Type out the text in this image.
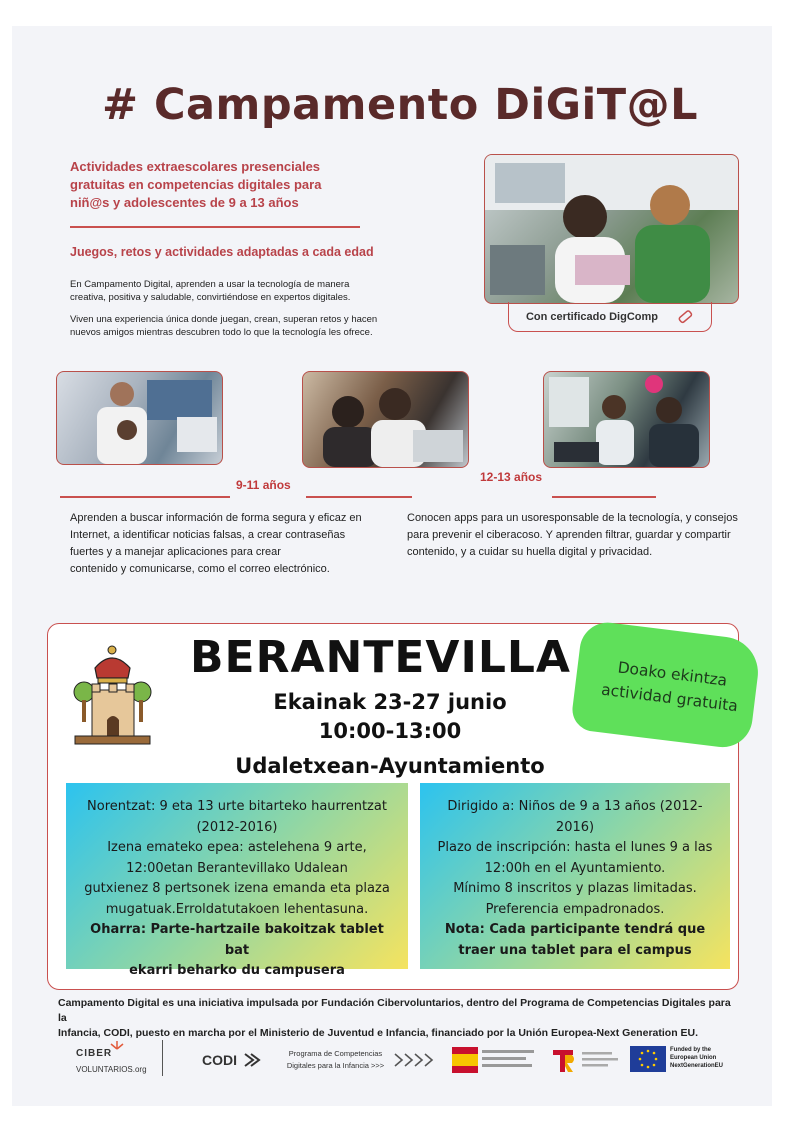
# Campamento DiGiT@L
Actividades extraescolares presenciales
gratuitas en competencias digitales para
niñ@s y adolescentes de 9 a 13 años
Juegos, retos y actividades adaptadas a cada edad
En Campamento Digital, aprenden a usar la tecnología de manera
creativa, positiva y saludable, convirtiéndose en expertos digitales.
Viven una experiencia única donde juegan, crean, superan retos y hacen
nuevos amigos mientras descubren todo lo que la tecnología les ofrece.
Con certificado DigComp
9-11 años
12-13 años
Aprenden a buscar información de forma segura y eficaz en
Internet, a identificar noticias falsas, a crear contraseñas
fuertes y a manejar aplicaciones para crear
contenido y comunicarse, como el correo electrónico.
Conocen apps para un usoresponsable de la tecnología, y consejos
para prevenir el ciberacoso. Y aprenden filtrar, guardar y compartir
contenido, y a cuidar su huella digital y privacidad.
BERANTEVILLA
Ekainak 23-27 junio
10:00-13:00
Udaletxean-Ayuntamiento
Doako ekintza
actividad gratuita
Norentzat: 9 eta 13 urte bitarteko haurrentzat
(2012-2016)
Izena emateko epea: astelehena 9 arte,
12:00etan Berantevillako Udalean
gutxienez 8 pertsonek izena emanda eta plaza
mugatuak.Erroldatutakoen lehentasuna.
Oharra: Parte-hartzaile bakoitzak tablet bat
ekarri beharko du campusera
Dirigido a: Niños de 9 a 13 años (2012-
2016)
Plazo de inscripción: hasta el lunes 9 a las
12:00h en el Ayuntamiento.
Mínimo 8 inscritos y plazas limitadas.
Preferencia empadronados.
Nota: Cada participante tendrá que
traer una tablet para el campus
Campamento Digital es una iniciativa impulsada por Fundación Cibervoluntarios, dentro del Programa de Competencias Digitales para la
Infancia, CODI, puesto en marcha por el Ministerio de Juventud e Infancia, financiado por la Unión Europea-Next Generation EU.
CIBER
VOLUNTARIOS.org
CODI	Programa de Competencias
Digitales para la Infancia >>>
Funded by the
European Union
NextGenerationEU
